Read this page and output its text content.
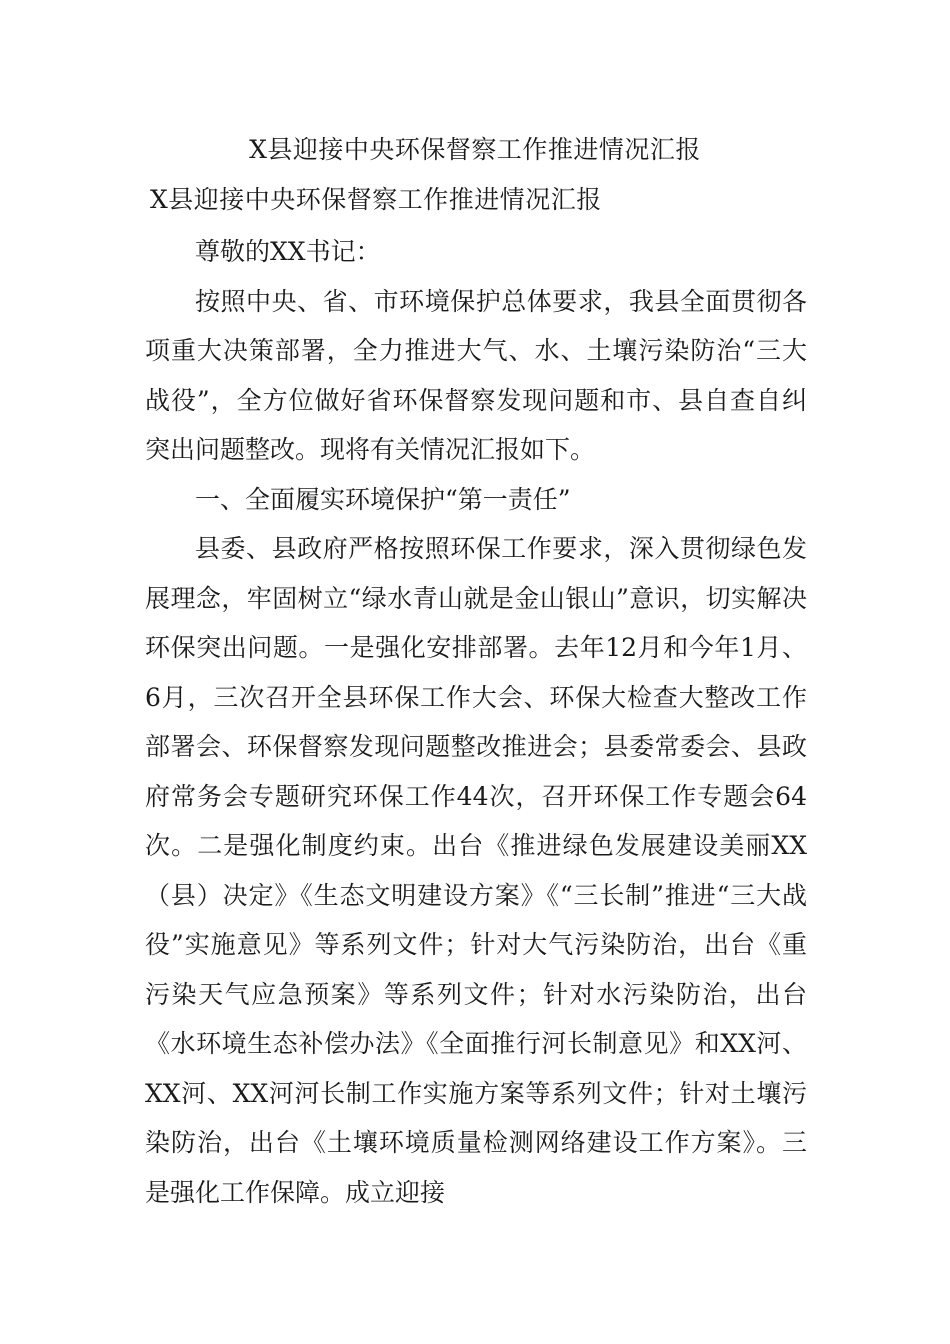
X县迎接中央环保督察工作推进情况汇报
X县迎接中央环保督察工作推进情况汇报

尊敬的XX书记：

按照中央、省、市环境保护总体要求，我县全面贯彻各项重大决策部署，全力推进大气、水、土壤污染防治“三大战役”，全方位做好省环保督察发现问题和市、县自查自纠突出问题整改。现将有关情况汇报如下。

一、全面履实环境保护“第一责任”

县委、县政府严格按照环保工作要求，深入贯彻绿色发展理念，牢固树立“绿水青山就是金山银山”意识，切实解决环保突出问题。一是强化安排部署。去年12月和今年1月、6月，三次召开全县环保工作大会、环保大检查大整改工作部署会、环保督察发现问题整改推进会；县委常委会、县政府常务会专题研究环保工作44次，召开环保工作专题会64次。二是强化制度约束。出台《推进绿色发展建设美丽XX（县）决定》《生态文明建设方案》《“三长制”推进“三大战役”实施意见》等系列文件；针对大气污染防治，出台《重污染天气应急预案》等系列文件；针对水污染防治，出台《水环境生态补偿办法》《全面推行河长制意见》和XX河、XX河、XX河河长制工作实施方案等系列文件；针对土壤污染防治，出台《土壤环境质量检测网络建设工作方案》。三是强化工作保障。成立迎接
